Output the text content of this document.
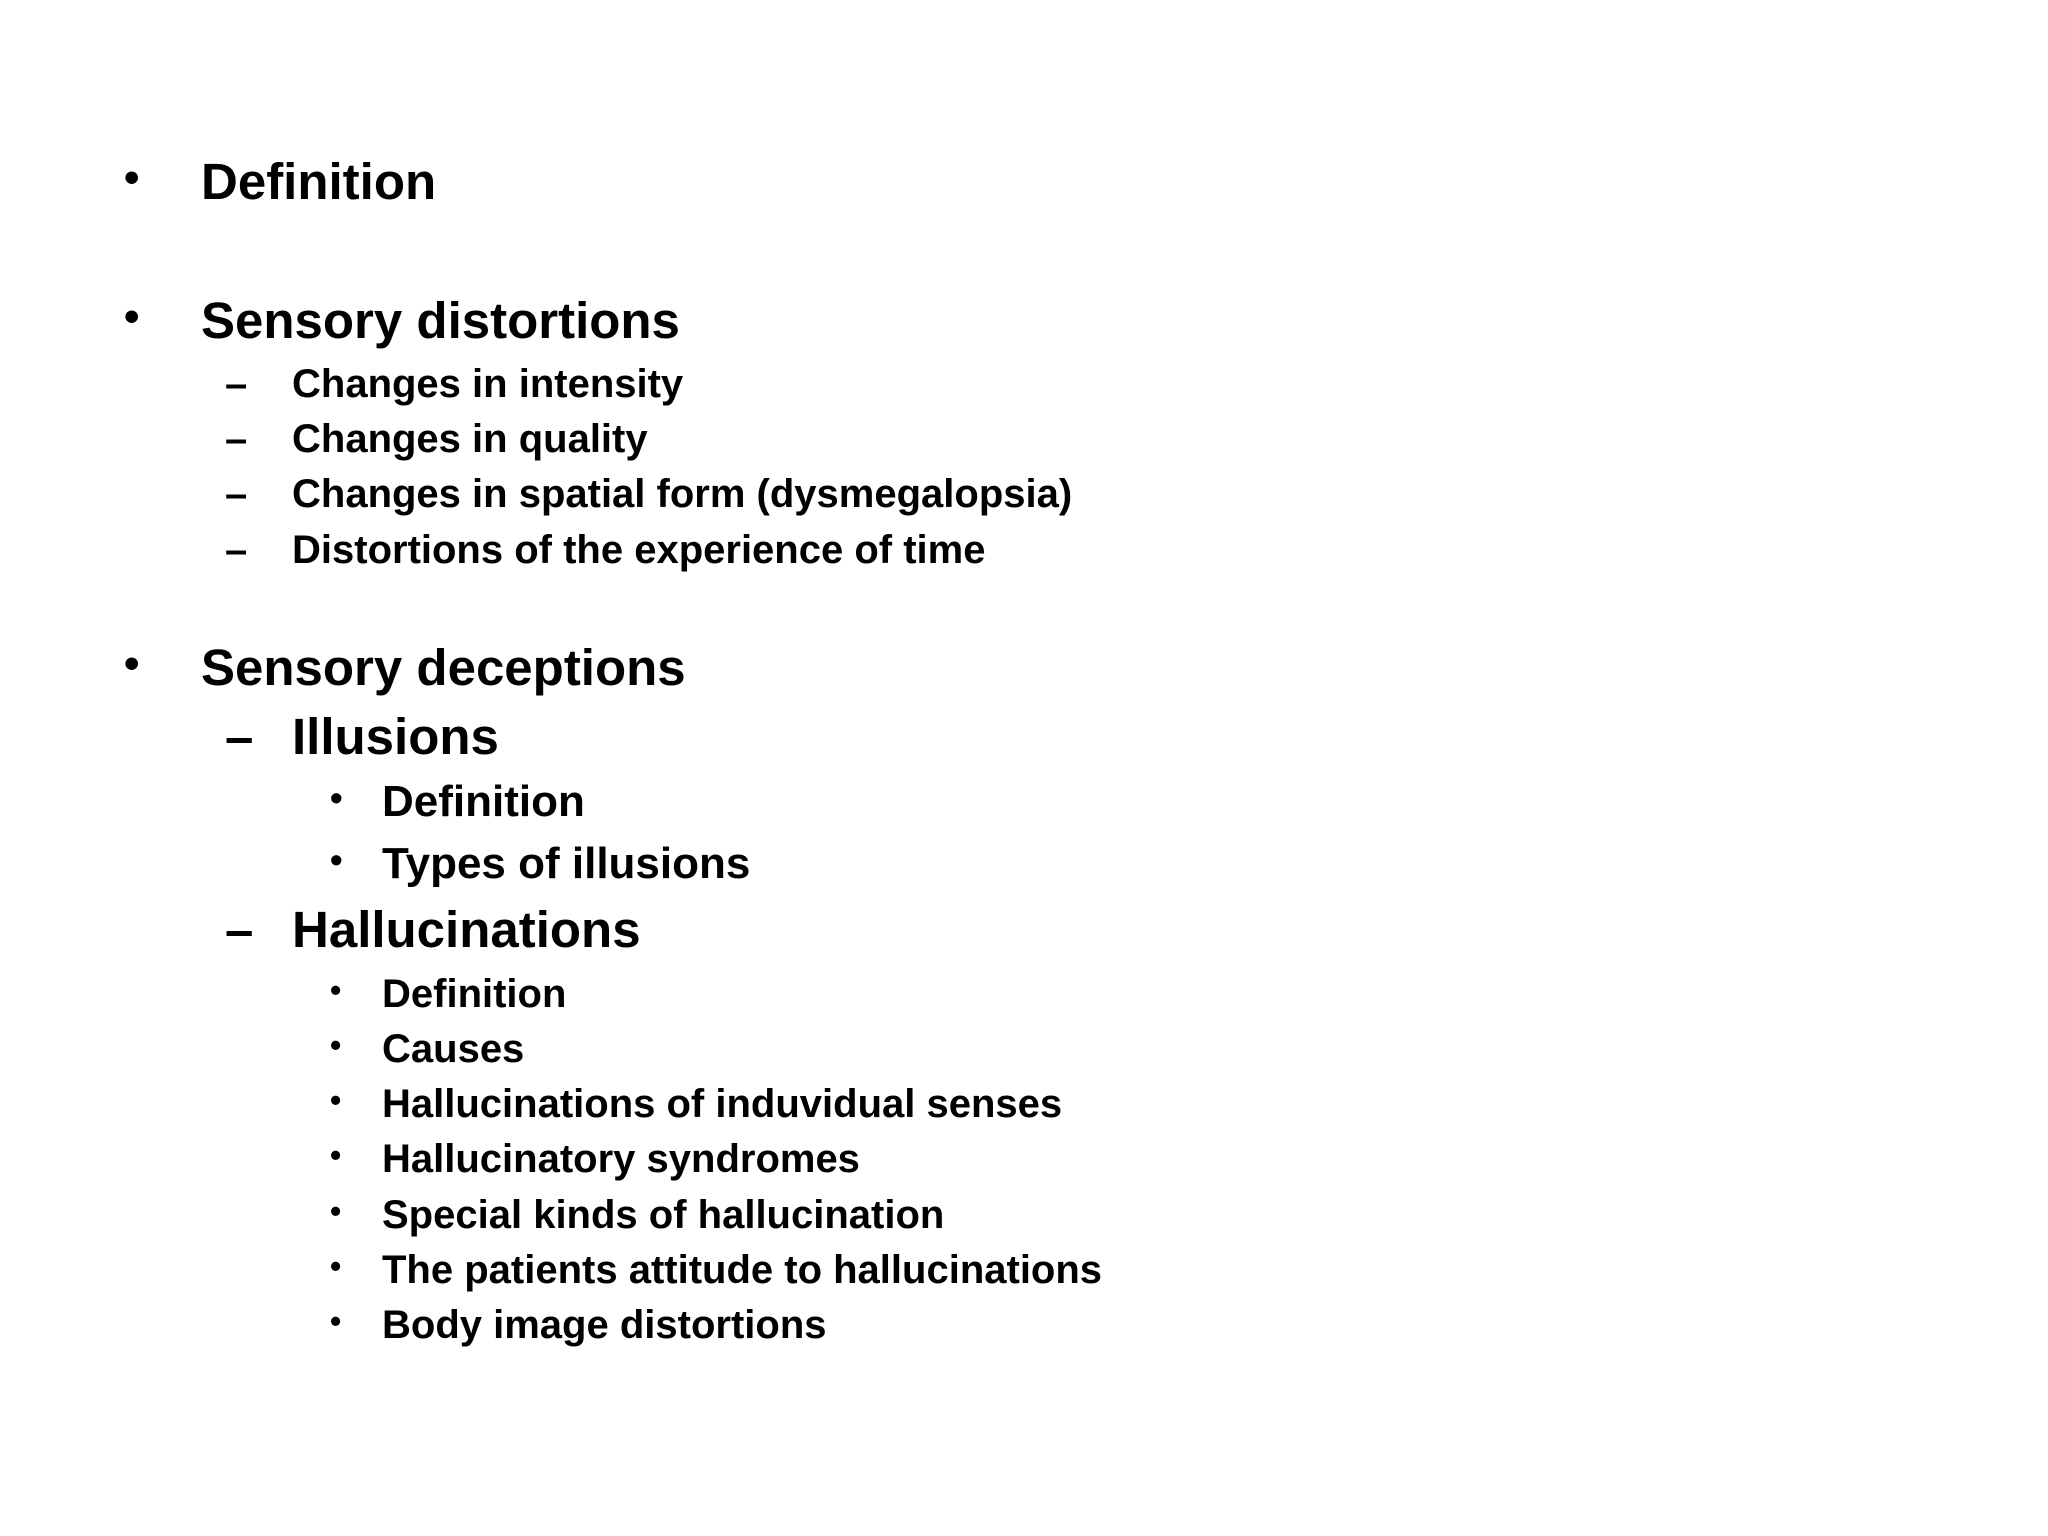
• Definition
• Sensory distortions
– Changes in intensity
– Changes in quality
– Changes in spatial form (dysmegalopsia)
– Distortions of the experience of time
• Sensory deceptions
– Illusions
• Definition
• Types of illusions
– Hallucinations
• Definition
• Causes
• Hallucinations of induvidual senses
• Hallucinatory syndromes
• Special kinds of hallucination
• The patients attitude to hallucinations
• Body image distortions
